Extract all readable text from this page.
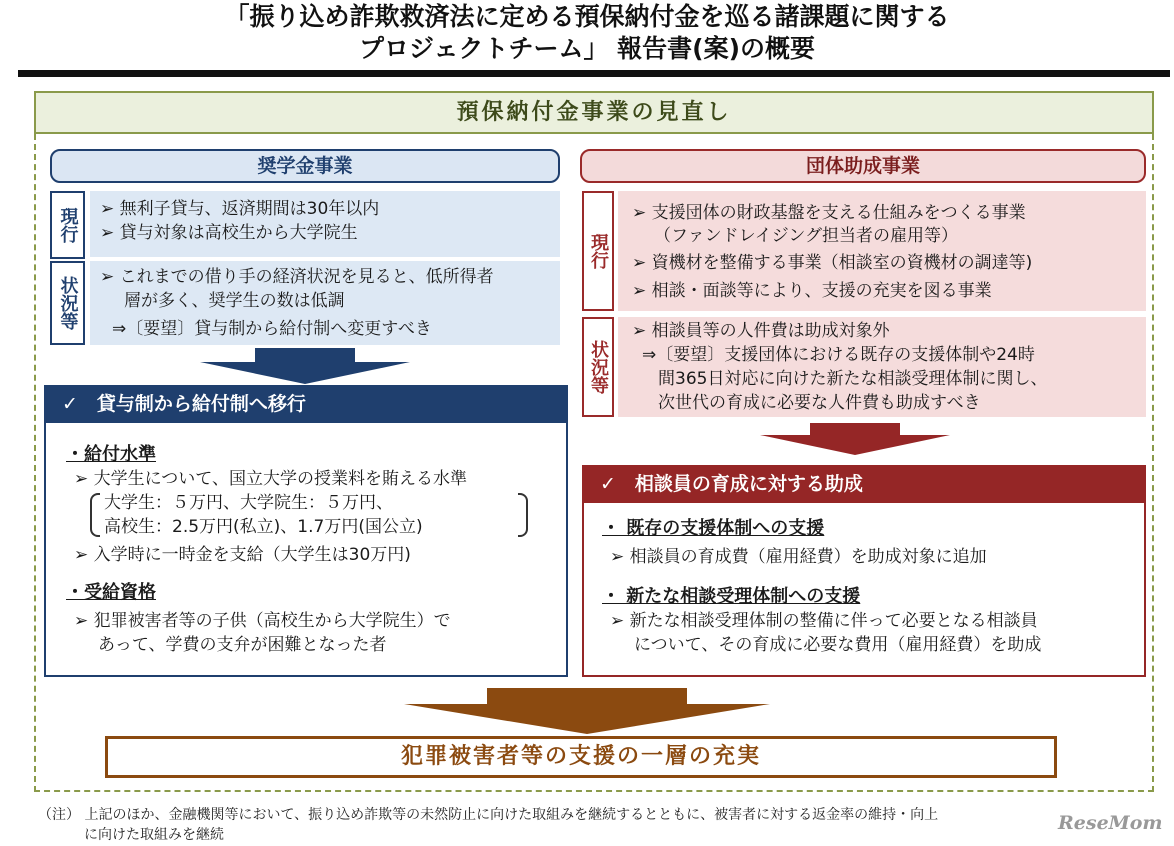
「振り込め詐欺救済法に定める預保納付金を巡る諸課題に関する
プロジェクトチーム」 報告書(案)の概要
預保納付金事業の見直し
奨学金事業
現行 ➢ 無利子貸与、返済期間は30年以内
➢ 貸与対象は高校生から大学院生
状況等 ➢ これまでの借り手の経済状況を見ると、低所得者
層が多く、奨学生の数は低調
⇒〔要望〕貸与制から給付制へ変更すべき
✓　貸与制から給付制へ移行
・給付水準
➢ 大学生について、国立大学の授業料を賄える水準
大学生：５万円、大学院生：５万円、
高校生：2.5万円(私立)、1.7万円(国公立)
➢ 入学時に一時金を支給（大学生は30万円)
・受給資格
➢ 犯罪被害者等の子供（高校生から大学院生）で
あって、学費の支弁が困難となった者
団体助成事業
現行
➢ 支援団体の財政基盤を支える仕組みをつくる事業
（ファンドレイジング担当者の雇用等）
➢ 資機材を整備する事業（相談室の資機材の調達等)
➢ 相談・面談等により、支援の充実を図る事業
状況等
➢ 相談員等の人件費は助成対象外
⇒〔要望〕支援団体における既存の支援体制や24時
間365日対応に向けた新たな相談受理体制に関し、
次世代の育成に必要な人件費も助成すべき
✓　相談員の育成に対する助成
・ 既存の支援体制への支援
➢ 相談員の育成費（雇用経費）を助成対象に追加
・ 新たな相談受理体制への支援
➢ 新たな相談受理体制の整備に伴って必要となる相談員
について、その育成に必要な費用（雇用経費）を助成
犯罪被害者等の支援の一層の充実
（注） 上記のほか、金融機関等において、振り込め詐欺等の未然防止に向けた取組みを継続するとともに、被害者に対する返金率の維持・向上
に向けた取組みを継続
ReseMom
